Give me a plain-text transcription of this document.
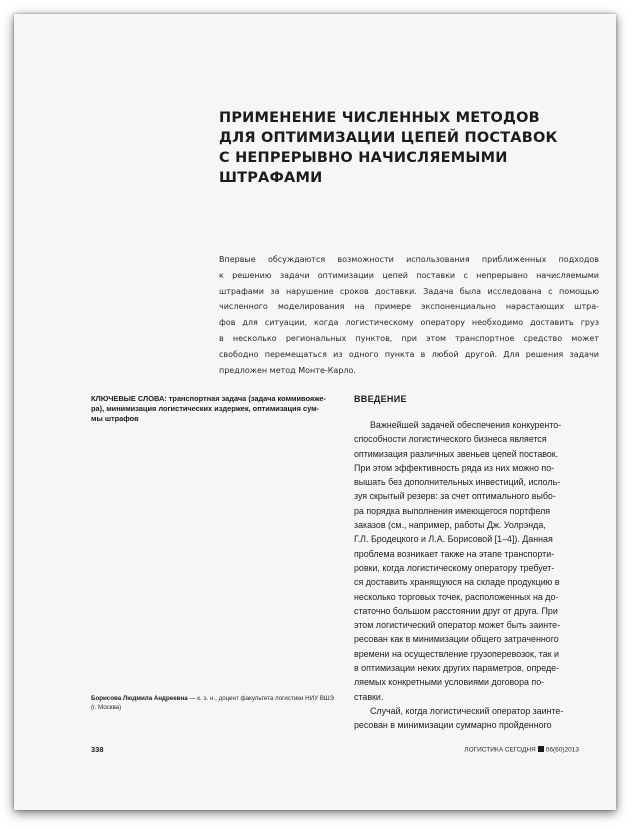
ПРИМЕНЕНИЕ ЧИСЛЕННЫХ МЕТОДОВ
ДЛЯ ОПТИМИЗАЦИИ ЦЕПЕЙ ПОСТАВОК
С НЕПРЕРЫВНО НАЧИСЛЯЕМЫМИ
ШТРАФАМИ
Впервые обсуждаются возможности использования приближенных подходов
к решению задачи оптимизации цепей поставки с непрерывно начисляемыми
штрафами за нарушение сроков доставки. Задача была исследована с помощью
численного моделирования на примере экспоненциально нарастающих штра-
фов для ситуации, когда логистическому оператору необходимо доставить груз
в несколько региональных пунктов, при этом транспортное средство может
свободно перемещаться из одного пункта в любой другой. Для решения задачи
предложен метод Монте-Карло.
КЛЮЧЕВЫЕ СЛОВА: транспортная задача (задача коммивояже-
ра), минимизация логистических издержек, оптимизация сум-
мы штрафов
ВВЕДЕНИЕ
Важнейшей задачей обеспечения конкуренто-
способности логистического бизнеса является
оптимизация различных звеньев цепей поставок.
При этом эффективность ряда из них можно по-
вышать без дополнительных инвестиций, исполь-
зуя скрытый резерв: за счет оптимального выбо-
ра порядка выполнения имеющегося портфеля
заказов (см., например, работы Дж. Уолрэнда,
Г.Л. Бродецкого и Л.А. Борисовой [1–4]). Данная
проблема возникает также на этапе транспорти-
ровки, когда логистическому оператору требует-
ся доставить хранящуюся на складе продукцию в
несколько торговых точек, расположенных на до-
статочно большом расстоянии друг от друга. При
этом логистический оператор может быть заинте-
ресован как в минимизации общего затраченного
времени на осуществление грузоперевозок, так и
в оптимизации неких других параметров, опреде-
ляемых конкретными условиями договора по-
ставки.
Случай, когда логистический оператор заинте-
ресован в минимизации суммарно пройденного
Борисова Людмила Андреевна — к. э. н., доцент факультета логистики НИУ ВШЭ
(г. Москва)
338	ЛОГИСТИКА СЕГОДНЯ 06(60)2013
